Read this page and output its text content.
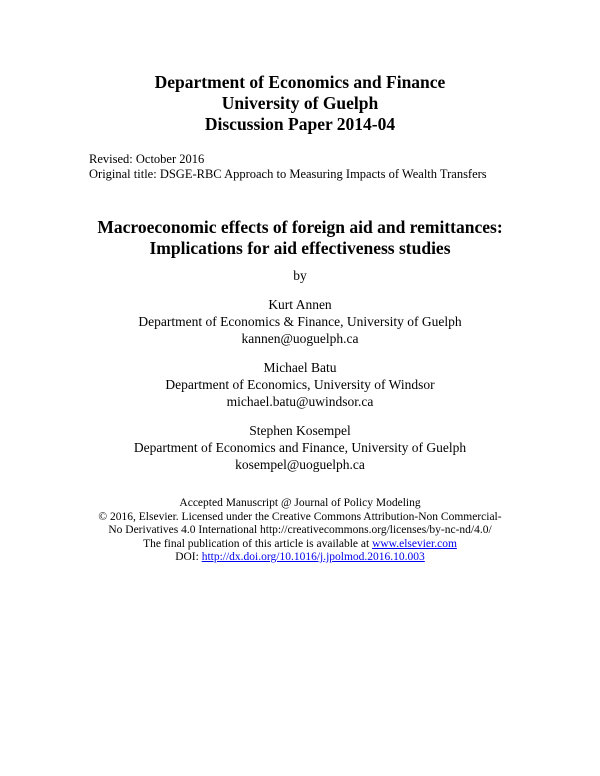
Department of Economics and Finance
University of Guelph
Discussion Paper 2014-04
Revised: October 2016
Original title: DSGE-RBC Approach to Measuring Impacts of Wealth Transfers
Macroeconomic effects of foreign aid and remittances:
Implications for aid effectiveness studies
by
Kurt Annen
Department of Economics & Finance, University of Guelph
kannen@uoguelph.ca
Michael Batu
Department of Economics, University of Windsor
michael.batu@uwindsor.ca
Stephen Kosempel
Department of Economics and Finance, University of Guelph
kosempel@uoguelph.ca
Accepted Manuscript @ Journal of Policy Modeling
© 2016, Elsevier. Licensed under the Creative Commons Attribution-Non Commercial-
No Derivatives 4.0 International http://creativecommons.org/licenses/by-nc-nd/4.0/
The final publication of this article is available at www.elsevier.com
DOI: http://dx.doi.org/10.1016/j.jpolmod.2016.10.003
